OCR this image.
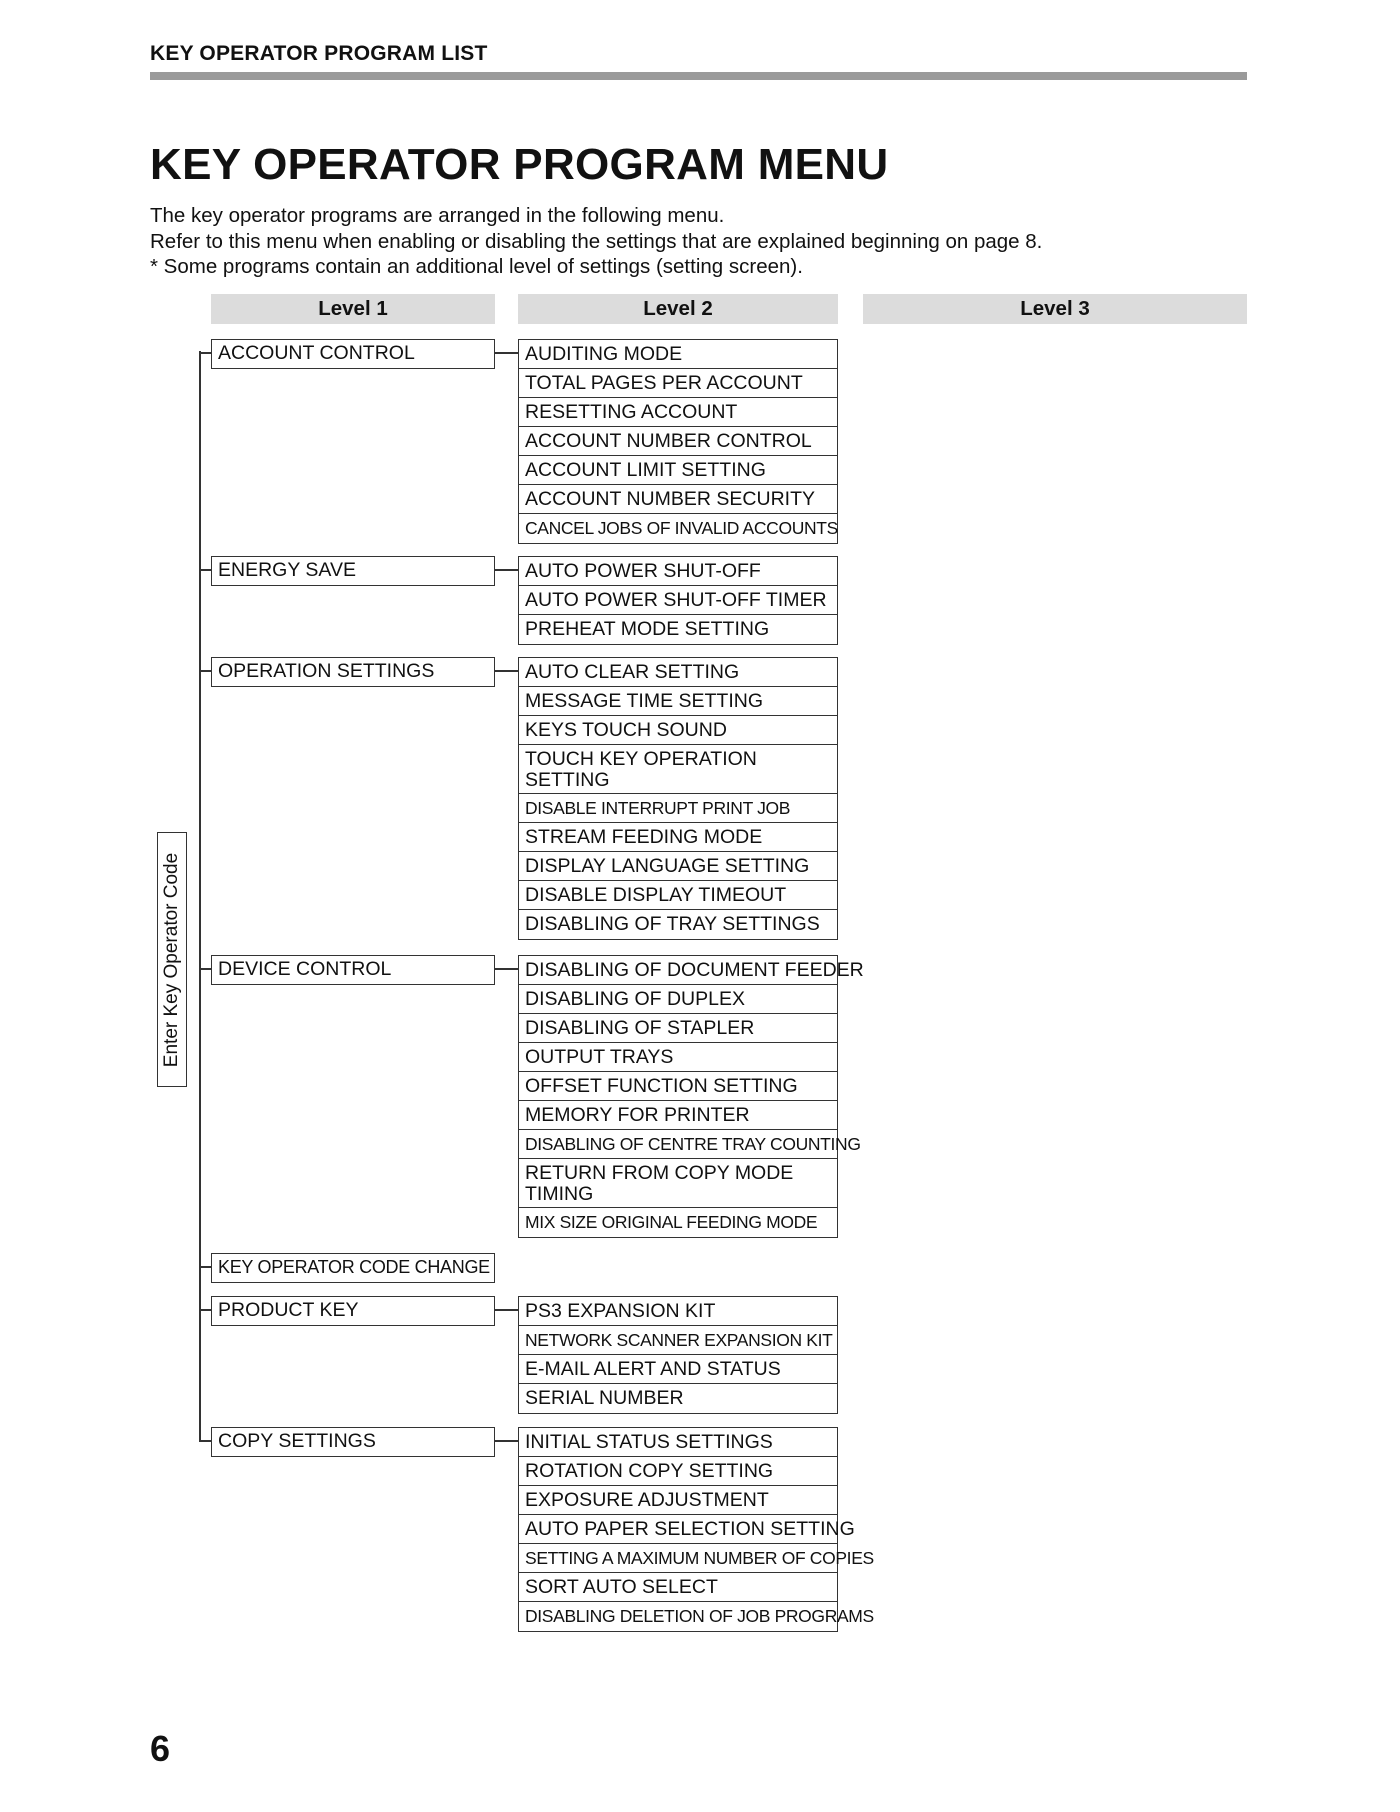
KEY OPERATOR PROGRAM LIST
KEY OPERATOR PROGRAM MENU

The key operator programs are arranged in the following menu.

Refer to this menu when enabling or disabling the settings that are explained beginning on page 8.

* Some programs contain an additional level of settings (setting screen).

Level 1	Level 2	Level 3
Enter Key Operator Code
ACCOUNT CONTROL	AUDITING MODE
TOTAL PAGES PER ACCOUNT
RESETTING ACCOUNT
ACCOUNT NUMBER CONTROL
ACCOUNT LIMIT SETTING
ACCOUNT NUMBER SECURITY
CANCEL JOBS OF INVALID ACCOUNTS
ENERGY SAVE	AUTO POWER SHUT-OFF
AUTO POWER SHUT-OFF TIMER
PREHEAT MODE SETTING
OPERATION SETTINGS	AUTO CLEAR SETTING
MESSAGE TIME SETTING
KEYS TOUCH SOUND
TOUCH KEY OPERATION SETTING
DISABLE INTERRUPT PRINT JOB
STREAM FEEDING MODE
DISPLAY LANGUAGE SETTING
DISABLE DISPLAY TIMEOUT
DISABLING OF TRAY SETTINGS
DEVICE CONTROL	DISABLING OF DOCUMENT FEEDER
DISABLING OF DUPLEX
DISABLING OF STAPLER
OUTPUT TRAYS
OFFSET FUNCTION SETTING
MEMORY FOR PRINTER
DISABLING OF CENTRE TRAY COUNTING
RETURN FROM COPY MODE TIMING
MIX SIZE ORIGINAL FEEDING MODE
KEY OPERATOR CODE CHANGE
PRODUCT KEY	PS3 EXPANSION KIT
NETWORK SCANNER EXPANSION KIT
E-MAIL ALERT AND STATUS
SERIAL NUMBER
COPY SETTINGS	INITIAL STATUS SETTINGS
ROTATION COPY SETTING
EXPOSURE ADJUSTMENT
AUTO PAPER SELECTION SETTING
SETTING A MAXIMUM NUMBER OF COPIES
SORT AUTO SELECT
DISABLING DELETION OF JOB PROGRAMS
6
